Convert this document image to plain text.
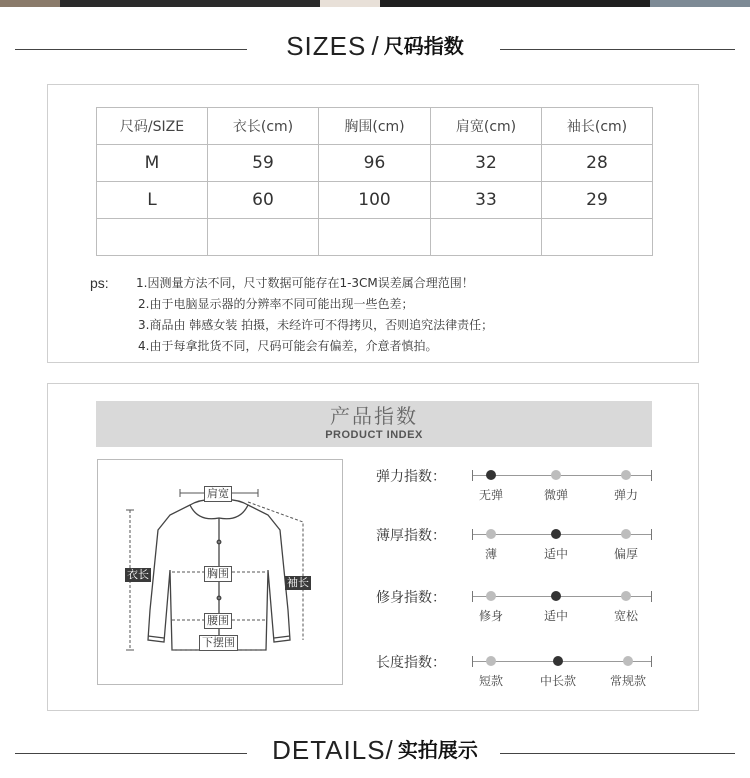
SIZES / 尺码指数
尺码/SIZE	衣长(cm)	胸围(cm)	肩宽(cm)	袖长(cm)
M	59	96	32	28
L	60	100	33	29

ps: 1.因测量方法不同，尺寸数据可能存在1-3CM误差属合理范围！
2.由于电脑显示器的分辨率不同可能出现一些色差；
3.商品由 韩感女装 拍摄，未经许可不得拷贝，否则追究法律责任；
4.由于每拿批货不同，尺码可能会有偏差，介意者慎拍。
产品指数
PRODUCT INDEX
肩宽
衣长	胸围
袖长
腰围
下摆围
弹力指数：
无弹	微弹	弹力
薄厚指数：
薄	适中	偏厚
修身指数：
修身	适中	宽松
长度指数：
短款	中长款	常规款
DETAILS/ 实拍展示
